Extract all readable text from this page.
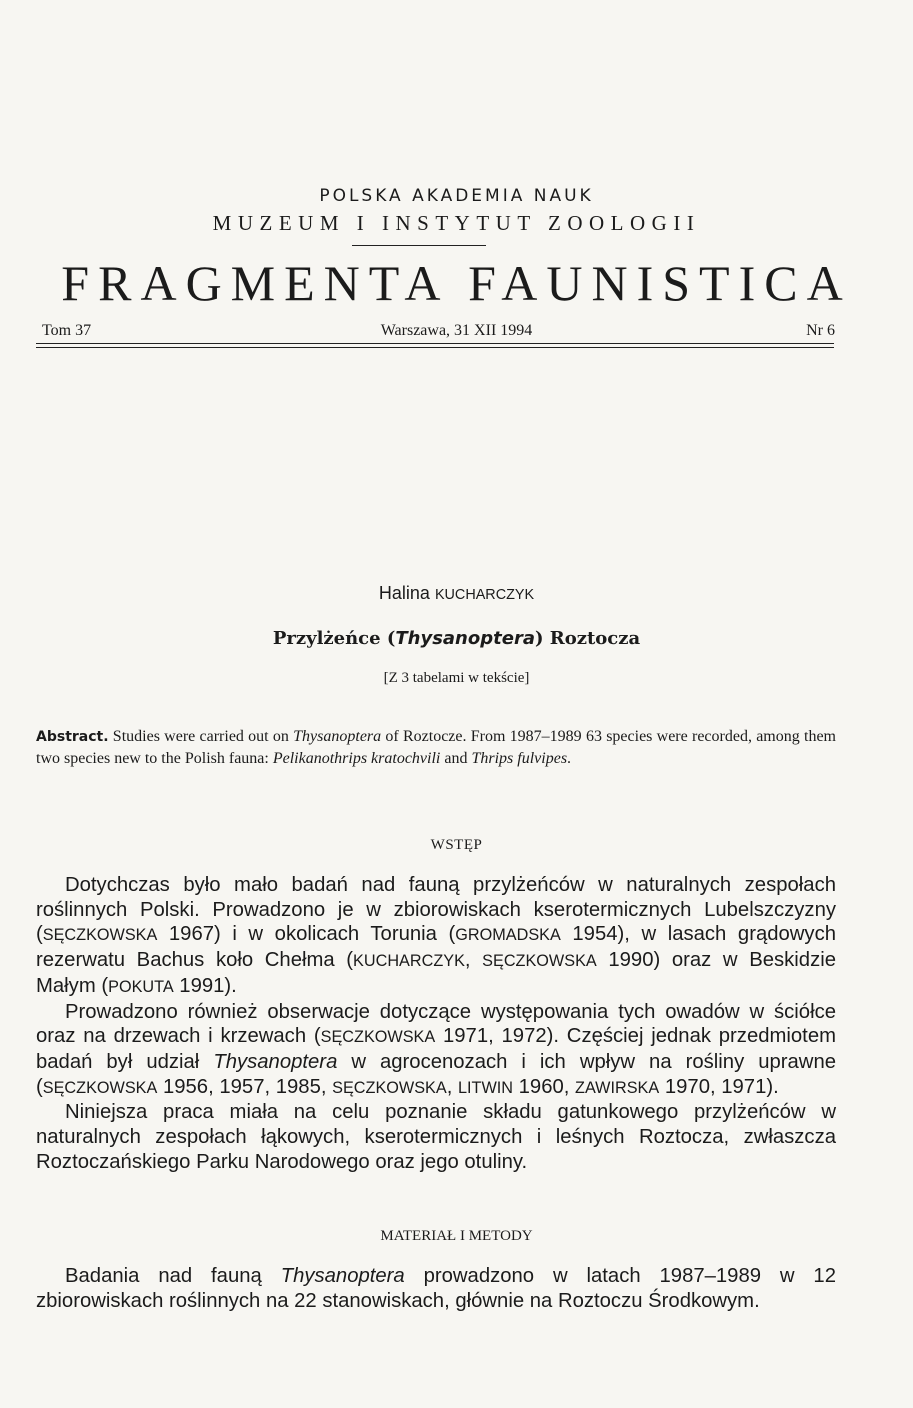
POLSKA AKADEMIA NAUK
MUZEUM I INSTYTUT ZOOLOGII
FRAGMENTA FAUNISTICA
Tom 37	Warszawa, 31 XII 1994	Nr 6
Halina KUCHARCZYK
Przylżeńce (Thysanoptera) Roztocza
[Z 3 tabelami w tekście]
Abstract. Studies were carried out on Thysanoptera of Roztocze. From 1987–1989 63 species were recorded, among them two species new to the Polish fauna: Pelikanothrips kratochvili and Thrips fulvipes.
WSTĘP

Dotychczas było mało badań nad fauną przylżeńców w naturalnych zespołach roślinnych Polski. Prowadzono je w zbiorowiskach kserotermicznych Lubelszczyzny (SĘCZKOWSKA 1967) i w okolicach Torunia (GROMADSKA 1954), w lasach grądowych rezerwatu Bachus koło Chełma (KUCHARCZYK, SĘCZKOWSKA 1990) oraz w Beskidzie Małym (POKUTA 1991).

Prowadzono również obserwacje dotyczące występowania tych owadów w ściółce oraz na drzewach i krzewach (SĘCZKOWSKA 1971, 1972). Częściej jednak przedmiotem badań był udział Thysanoptera w agrocenozach i ich wpływ na rośliny uprawne (SĘCZKOWSKA 1956, 1957, 1985, SĘCZKOWSKA, LITWIN 1960, ZAWIRSKA 1970, 1971).

Niniejsza praca miała na celu poznanie składu gatunkowego przylżeńców w naturalnych zespołach łąkowych, kserotermicznych i leśnych Roztocza, zwłaszcza Roztoczańskiego Parku Narodowego oraz jego otuliny.

MATERIAŁ I METODY

Badania nad fauną Thysanoptera prowadzono w latach 1987–1989 w 12 zbiorowiskach roślinnych na 22 stanowiskach, głównie na Roztoczu Środkowym.
